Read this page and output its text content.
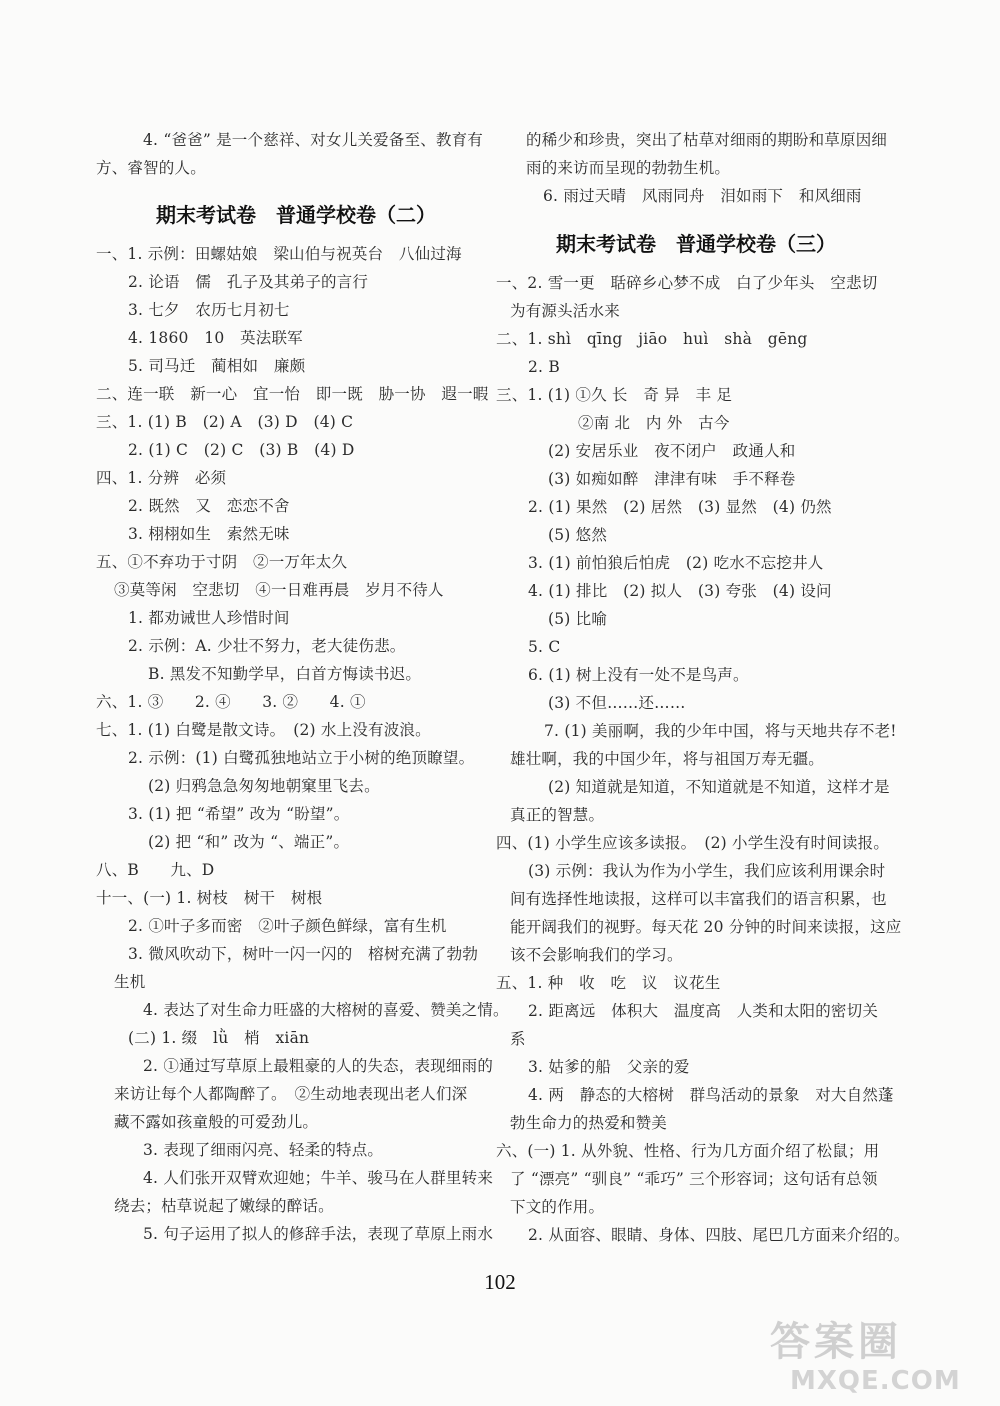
期末考试卷　普通学校卷（二）
4. “爸爸” 是一个慈祥、对女儿关爱备至、教育有
方、睿智的人。
一、1. 示例：田螺姑娘　梁山伯与祝英台　八仙过海
2. 论语　儒　孔子及其弟子的言行
3. 七夕　农历七月初七
4. 1860　10　英法联军
5. 司马迁　蔺相如　廉颇
二、连一联　新一心　宜一怡　即一既　胁一协　遐一暇
三、1. (1) B　(2) A　(3) D　(4) C
2. (1) C　(2) C　(3) B　(4) D
四、1. 分辨　必须
2. 既然　又　恋恋不舍
3. 栩栩如生　索然无味
五、①不弃功于寸阴　②一万年太久
③莫等闲　空悲切　④一日难再晨　岁月不待人
1. 都劝诫世人珍惜时间
2. 示例：A. 少壮不努力，老大徒伤悲。
B. 黑发不知勤学早，白首方悔读书迟。
六、1. ③　　2. ④　　3. ②　　4. ①
七、1. (1) 白鹭是散文诗。　(2) 水上没有波浪。
2. 示例：(1) 白鹭孤独地站立于小树的绝顶瞭望。
(2) 归鸦急急匆匆地朝窠里飞去。
3. (1) 把 “希望” 改为 “盼望”。
(2) 把 “和” 改为 “、端正”。
八、B　　九、D
十一、(一) 1. 树枝　树干　树根
2. ①叶子多而密　②叶子颜色鲜绿，富有生机
3. 微风吹动下，树叶一闪一闪的　榕树充满了勃勃
生机
4. 表达了对生命力旺盛的大榕树的喜爱、赞美之情。
(二) 1. 缀　lǜ　梢　xiān
2. ①通过写草原上最粗豪的人的失态，表现细雨的
来访让每个人都陶醉了。　②生动地表现出老人们深
藏不露如孩童般的可爱劲儿。
3. 表现了细雨闪亮、轻柔的特点。
4. 人们张开双臂欢迎她；牛羊、骏马在人群里转来
绕去；枯草说起了嫩绿的醉话。
5. 句子运用了拟人的修辞手法，表现了草原上雨水
期末考试卷　普通学校卷（三）
的稀少和珍贵，突出了枯草对细雨的期盼和草原因细
雨的来访而呈现的勃勃生机。
6. 雨过天晴　风雨同舟　泪如雨下　和风细雨
一、2. 雪一更　聒碎乡心梦不成　白了少年头　空悲切
为有源头活水来
二、1. shì　qīng　jiāo　huì　shà　gēng
2. B
三、1. (1) ①久 长　奇 异　丰 足
②南 北　内 外　古今
(2) 安居乐业　夜不闭户　政通人和
(3) 如痴如醉　津津有味　手不释卷
2. (1) 果然　(2) 居然　(3) 显然　(4) 仍然
(5) 悠然
3. (1) 前怕狼后怕虎　(2) 吃水不忘挖井人
4. (1) 排比　(2) 拟人　(3) 夸张　(4) 设问
(5) 比喻
5. C
6. (1) 树上没有一处不是鸟声。
(3) 不但……还……
7. (1) 美丽啊，我的少年中国，将与天地共存不老!
雄壮啊，我的中国少年，将与祖国万寿无疆。
(2) 知道就是知道，不知道就是不知道，这样才是
真正的智慧。
四、(1) 小学生应该多读报。　(2) 小学生没有时间读报。
(3) 示例：我认为作为小学生，我们应该利用课余时
间有选择性地读报，这样可以丰富我们的语言积累，也
能开阔我们的视野。每天花 20 分钟的时间来读报，这应
该不会影响我们的学习。
五、1. 种　收　吃　议　议花生
2. 距离远　体积大　温度高　人类和太阳的密切关
系
3. 姑爹的船　父亲的爱
4. 两　静态的大榕树　群鸟活动的景象　对大自然蓬
勃生命力的热爱和赞美
六、(一) 1. 从外貌、性格、行为几方面介绍了松鼠；用
了 “漂亮” “驯良” “乖巧” 三个形容词；这句话有总领
下文的作用。
2. 从面容、眼睛、身体、四肢、尾巴几方面来介绍的。
102
答案圈
MXQE.COM
